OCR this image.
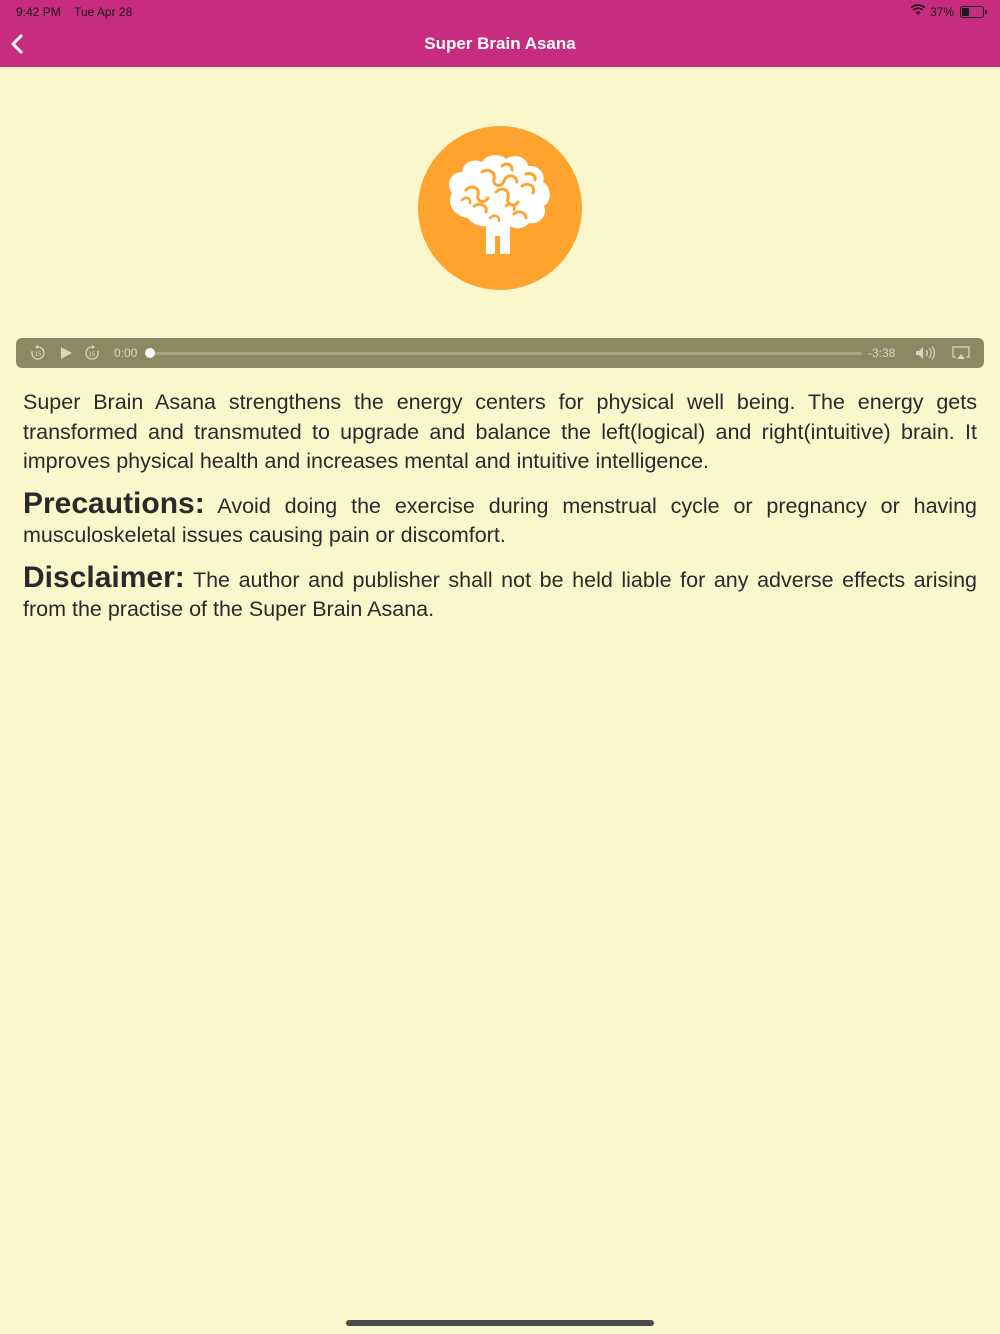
9:42 PM Tue Apr 28	37%
Super Brain Asana
15	15 0:00	-3:38

Super Brain Asana strengthens the energy centers for physical well being. The energy gets transformed and transmuted to upgrade and balance the left(logical) and right(intuitive) brain. It improves physical health and increases mental and intuitive intelligence.

Precautions: Avoid doing the exercise during menstrual cycle or pregnancy or having musculoskeletal issues causing pain or discomfort.

Disclaimer: The author and publisher shall not be held liable for any adverse effects arising from the practise of the Super Brain Asana.
